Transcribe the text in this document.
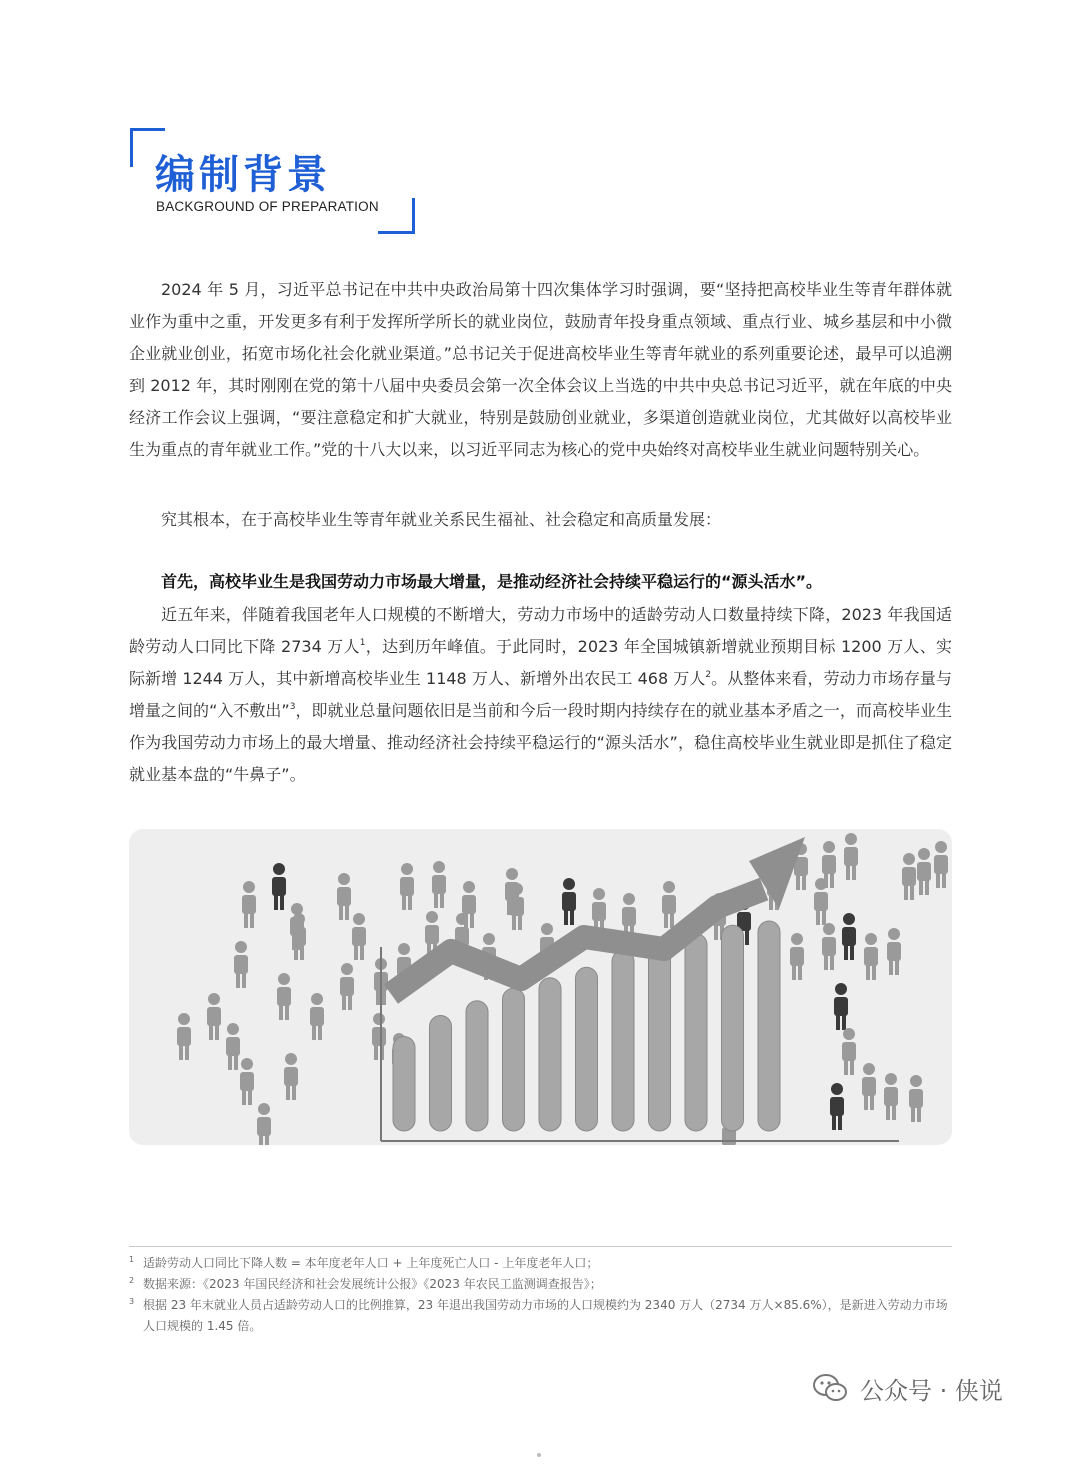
编制背景
BACKGROUND OF PREPARATION

2024 年 5 月，习近平总书记在中共中央政治局第十四次集体学习时强调，要“坚持把高校毕业生等青年群体就业作为重中之重，开发更多有利于发挥所学所长的就业岗位，鼓励青年投身重点领域、重点行业、城乡基层和中小微企业就业创业，拓宽市场化社会化就业渠道。”总书记关于促进高校毕业生等青年就业的系列重要论述，最早可以追溯到 2012 年，其时刚刚在党的第十八届中央委员会第一次全体会议上当选的中共中央总书记习近平，就在年底的中央经济工作会议上强调，“要注意稳定和扩大就业，特别是鼓励创业就业，多渠道创造就业岗位，尤其做好以高校毕业生为重点的青年就业工作。”党的十八大以来，以习近平同志为核心的党中央始终对高校毕业生就业问题特别关心。

究其根本，在于高校毕业生等青年就业关系民生福祉、社会稳定和高质量发展：

首先，高校毕业生是我国劳动力市场最大增量，是推动经济社会持续平稳运行的“源头活水”。

近五年来，伴随着我国老年人口规模的不断增大，劳动力市场中的适龄劳动人口数量持续下降，2023 年我国适龄劳动人口同比下降 2734 万人$^1$，达到历年峰值。于此同时，2023 年全国城镇新增就业预期目标 1200 万人、实际新增 1244 万人，其中新增高校毕业生 1148 万人、新增外出农民工 468 万人$^2$。从整体来看，劳动力市场存量与增量之间的“入不敷出”$^3$，即就业总量问题依旧是当前和今后一段时期内持续存在的就业基本矛盾之一，而高校毕业生作为我国劳动力市场上的最大增量、推动经济社会持续平稳运行的“源头活水”，稳住高校毕业生就业即是抓住了稳定就业基本盘的“牛鼻子”。

1 适龄劳动人口同比下降人数 = 本年度老年人口 + 上年度死亡人口 - 上年度老年人口；
2 数据来源：《2023 年国民经济和社会发展统计公报》《2023 年农民工监测调查报告》；
3 根据 23 年末就业人员占适龄劳动人口的比例推算，23 年退出我国劳动力市场的人口规模约为 2340 万人（2734 万人×85.6%），是新进入劳动力市场人口规模的 1.45 倍。
公众号 · 侠说
